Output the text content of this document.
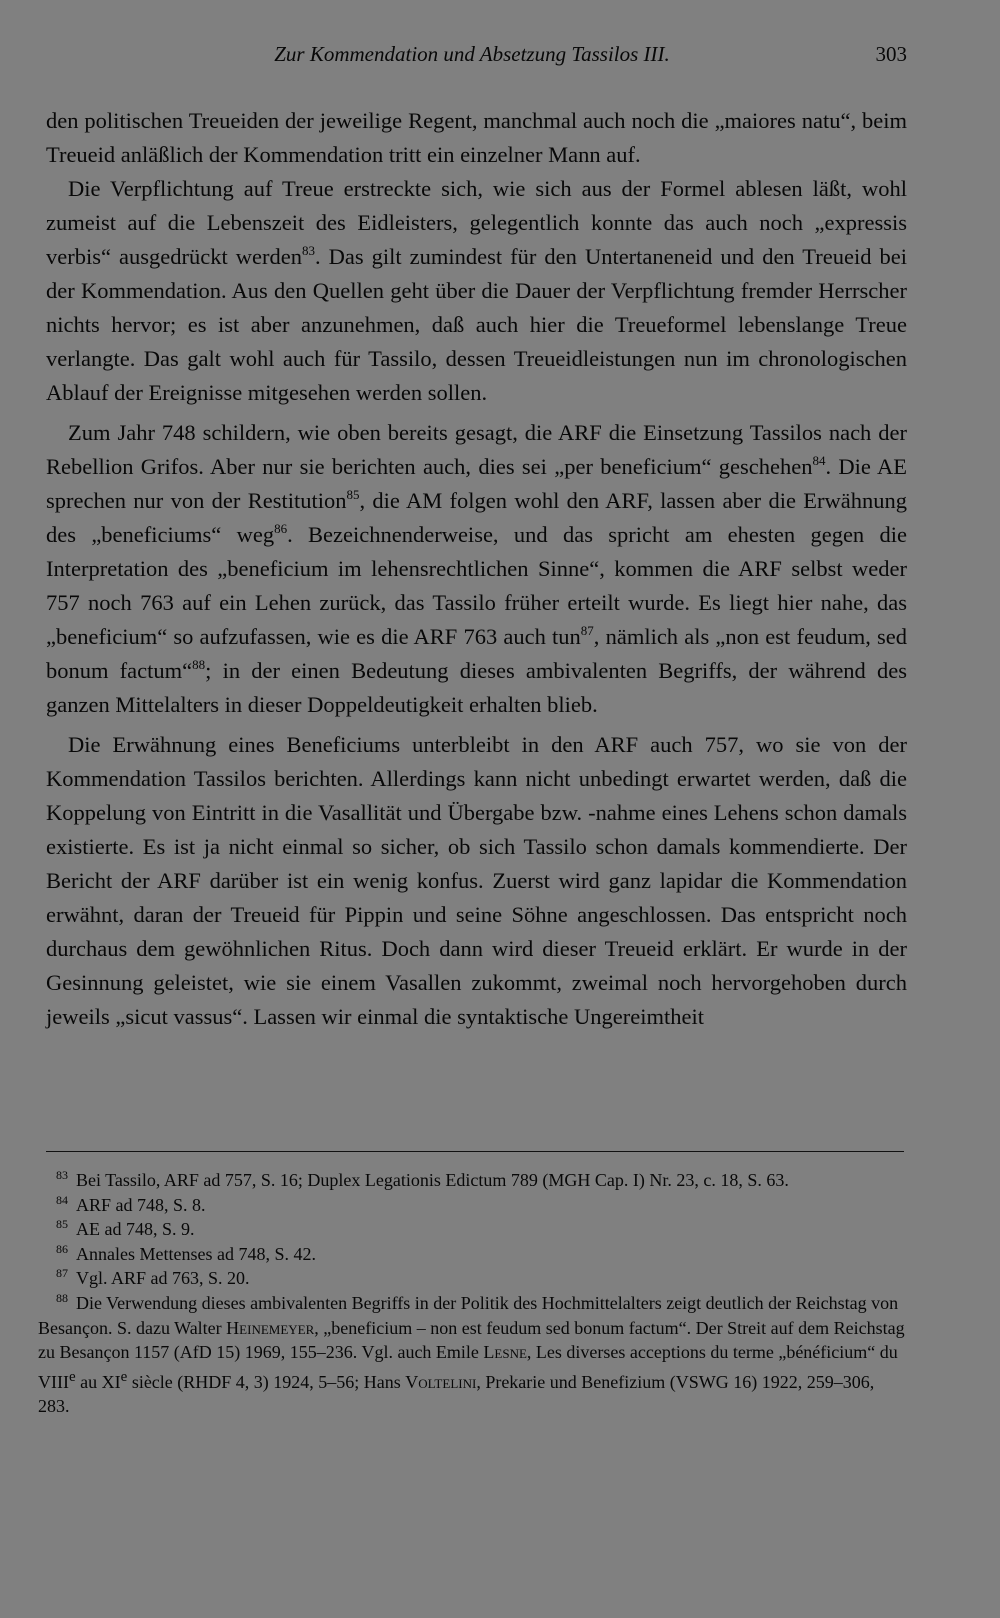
Zur Kommendation und Absetzung Tassilos III.	303

den politischen Treueiden der jeweilige Regent, manchmal auch noch die „maiores natu“, beim Treueid anläßlich der Kommendation tritt ein einzelner Mann auf.

Die Verpflichtung auf Treue erstreckte sich, wie sich aus der Formel ablesen läßt, wohl zumeist auf die Lebenszeit des Eidleisters, gelegentlich konnte das auch noch „expressis verbis“ ausgedrückt werden$^{83}$. Das gilt zumindest für den Untertaneneid und den Treueid bei der Kommendation. Aus den Quellen geht über die Dauer der Verpflichtung fremder Herrscher nichts hervor; es ist aber anzunehmen, daß auch hier die Treueformel lebenslange Treue verlangte. Das galt wohl auch für Tassilo, dessen Treueidleistungen nun im chronologischen Ablauf der Ereignisse mitgesehen werden sollen.

Zum Jahr 748 schildern, wie oben bereits gesagt, die ARF die Einsetzung Tassilos nach der Rebellion Grifos. Aber nur sie berichten auch, dies sei „per beneficium“ geschehen$^{84}$. Die AE sprechen nur von der Restitution$^{85}$, die AM folgen wohl den ARF, lassen aber die Erwähnung des „beneficiums“ weg$^{86}$. Bezeichnenderweise, und das spricht am ehesten gegen die Interpretation des „beneficium im lehensrechtlichen Sinne“, kommen die ARF selbst weder 757 noch 763 auf ein Lehen zurück, das Tassilo früher erteilt wurde. Es liegt hier nahe, das „beneficium“ so aufzufassen, wie es die ARF 763 auch tun$^{87}$, nämlich als „non est feudum, sed bonum factum“$^{88}$; in der einen Bedeutung dieses ambivalenten Begriffs, der während des ganzen Mittelalters in dieser Doppeldeutigkeit erhalten blieb.

Die Erwähnung eines Beneficiums unterbleibt in den ARF auch 757, wo sie von der Kommendation Tassilos berichten. Allerdings kann nicht unbedingt erwartet werden, daß die Koppelung von Eintritt in die Vasallität und Übergabe bzw. -nahme eines Lehens schon damals existierte. Es ist ja nicht einmal so sicher, ob sich Tassilo schon damals kommendierte. Der Bericht der ARF darüber ist ein wenig konfus. Zuerst wird ganz lapidar die Kommendation erwähnt, daran der Treueid für Pippin und seine Söhne angeschlossen. Das entspricht noch durchaus dem gewöhnlichen Ritus. Doch dann wird dieser Treueid erklärt. Er wurde in der Gesinnung geleistet, wie sie einem Vasallen zukommt, zweimal noch hervorgehoben durch jeweils „sicut vassus“. Lassen wir einmal die syntaktische Ungereimtheit

$^{83}$ Bei Tassilo, ARF ad 757, S. 16; Duplex Legationis Edictum 789 (MGH Cap. I) Nr. 23, c. 18, S. 63.

$^{84}$ ARF ad 748, S. 8.

$^{85}$ AE ad 748, S. 9.

$^{86}$ Annales Mettenses ad 748, S. 42.

$^{87}$ Vgl. ARF ad 763, S. 20.

$^{88}$ Die Verwendung dieses ambivalenten Begriffs in der Politik des Hochmittelalters zeigt deutlich der Reichstag von Besançon. S. dazu Walter Heinemeyer, „beneficium – non est feudum sed bonum factum“. Der Streit auf dem Reichstag zu Besançon 1157 (AfD 15) 1969, 155–236. Vgl. auch Emile Lesne, Les diverses acceptions du terme „bénéficium“ du VIIIe au XIe siècle (RHDF 4, 3) 1924, 5–56; Hans Voltelini, Prekarie und Benefizium (VSWG 16) 1922, 259–306, 283.
